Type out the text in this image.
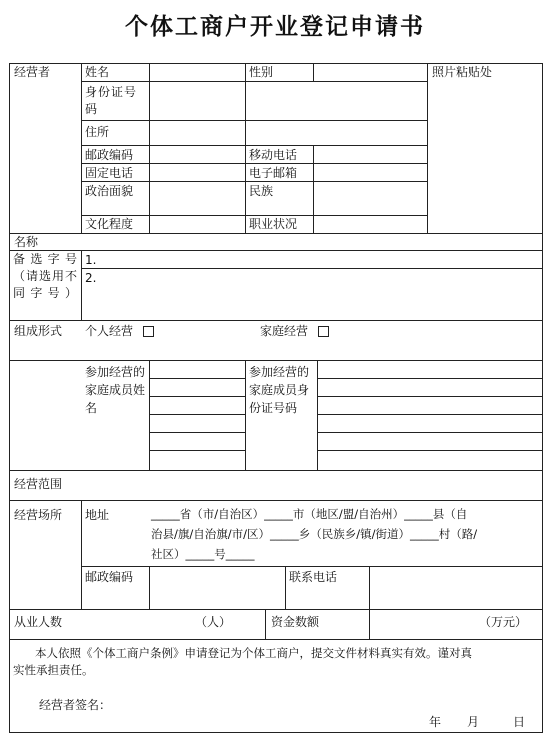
个体工商户开业登记申请书
经营者	姓名	性别	照片粘贴处
身份证号码
住所
邮政编码	移动电话
固定电话	电子邮箱
政治面貌	民族
文化程度	职业状况
名称
备选字号（请选用不同字号）
1.
2.
组成形式 个人经营	家庭经营
参加经营的家庭成员姓名
参加经营的家庭成员身份证号码
经营范围
经营场所 地址	_____省（市/自治区）_____市（地区/盟/自治州）_____县（自
治县/旗/自治旗/市/区）_____乡（民族乡/镇/街道）_____村（路/
社区）_____号_____
邮政编码	联系电话
从业人数	（人）	资金数额	（万元）
本人依照《个体工商户条例》申请登记为个体工商户，提交文件材料真实有效。谨对真
实性承担责任。
经营者签名：
年 月	日
